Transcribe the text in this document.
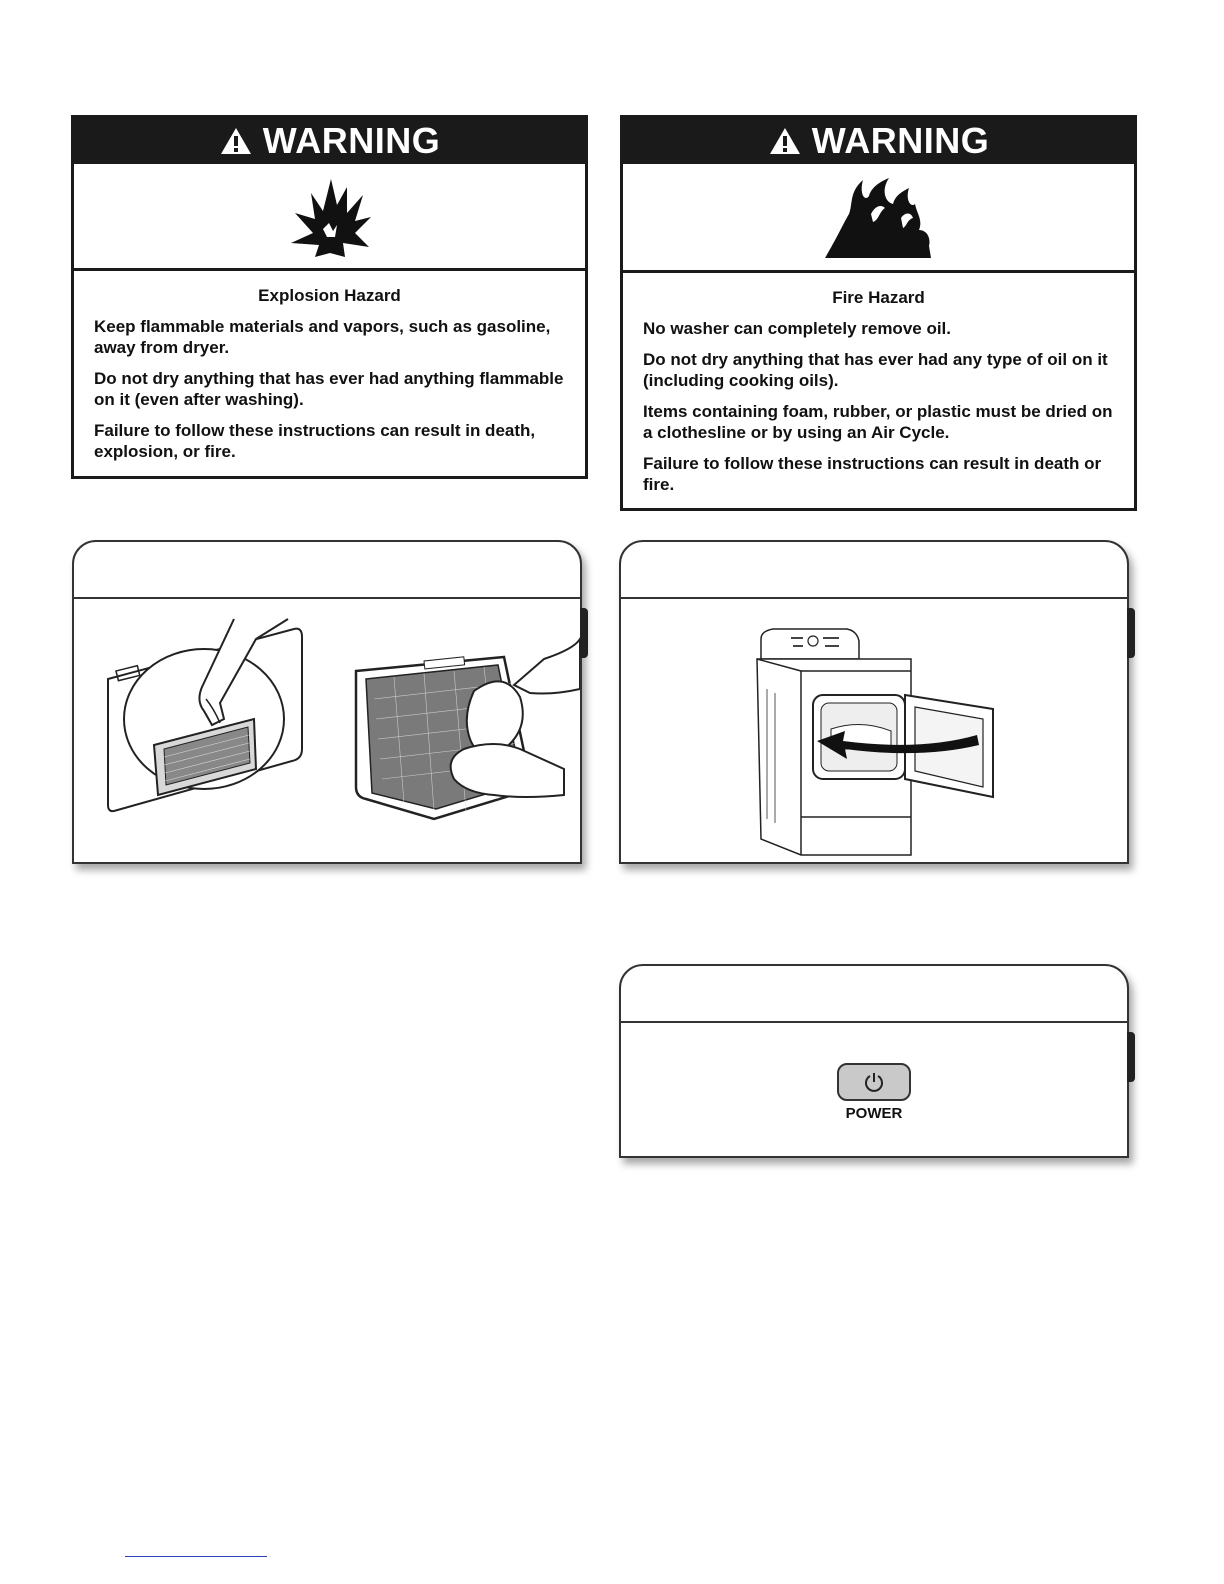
WARNING
Explosion Hazard

Keep flammable materials and vapors, such as gasoline, away from dryer.

Do not dry anything that has ever had anything flammable on it (even after washing).

Failure to follow these instructions can result in death, explosion, or fire.

WARNING
Fire Hazard

No washer can completely remove oil.

Do not dry anything that has ever had any type of oil on it (including cooking oils).

Items containing foam, rubber, or plastic must be dried on a clothesline or by using an Air Cycle.

Failure to follow these instructions can result in death or fire.

POWER
